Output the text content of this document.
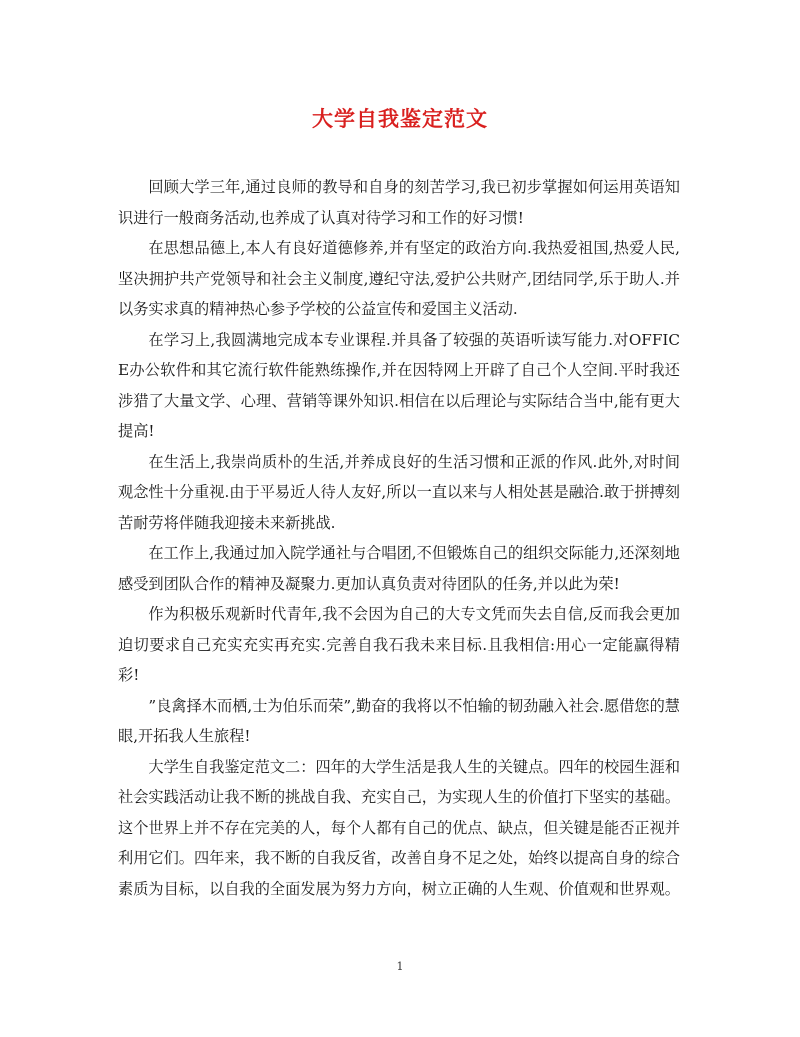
大学自我鉴定范文

回顾大学三年,通过良师的教导和自身的刻苦学习,我已初步掌握如何运用英语知识进行一般商务活动,也养成了认真对待学习和工作的好习惯!

在思想品德上,本人有良好道德修养,并有坚定的政治方向.我热爱祖国,热爱人民,坚决拥护共产党领导和社会主义制度,遵纪守法,爱护公共财产,团结同学,乐于助人.并以务实求真的精神热心参予学校的公益宣传和爱国主义活动.

在学习上,我圆满地完成本专业课程.并具备了较强的英语听读写能力.对OFFICE办公软件和其它流行软件能熟练操作,并在因特网上开辟了自己个人空间.平时我还涉猎了大量文学、心理、营销等课外知识.相信在以后理论与实际结合当中,能有更大提高!

在生活上,我崇尚质朴的生活,并养成良好的生活习惯和正派的作风.此外,对时间观念性十分重视.由于平易近人待人友好,所以一直以来与人相处甚是融洽.敢于拼搏刻苦耐劳将伴随我迎接未来新挑战.

在工作上,我通过加入院学通社与合唱团,不但锻炼自己的组织交际能力,还深刻地感受到团队合作的精神及凝聚力.更加认真负责对待团队的任务,并以此为荣!

作为积极乐观新时代青年,我不会因为自己的大专文凭而失去自信,反而我会更加迫切要求自己充实充实再充实.完善自我石我未来目标.且我相信:用心一定能赢得精彩!

”良禽择木而栖,士为伯乐而荣”,勤奋的我将以不怕输的韧劲融入社会.愿借您的慧眼,开拓我人生旅程!

大学生自我鉴定范文二：四年的大学生活是我人生的关键点。四年的校园生涯和社会实践活动让我不断的挑战自我、充实自己，为实现人生的价值打下坚实的基础。这个世界上并不存在完美的人，每个人都有自己的优点、缺点，但关键是能否正视并利用它们。四年来，我不断的自我反省，改善自身不足之处，始终以提高自身的综合素质为目标，以自我的全面发展为努力方向，树立正确的人生观、价值观和世界观。

1
